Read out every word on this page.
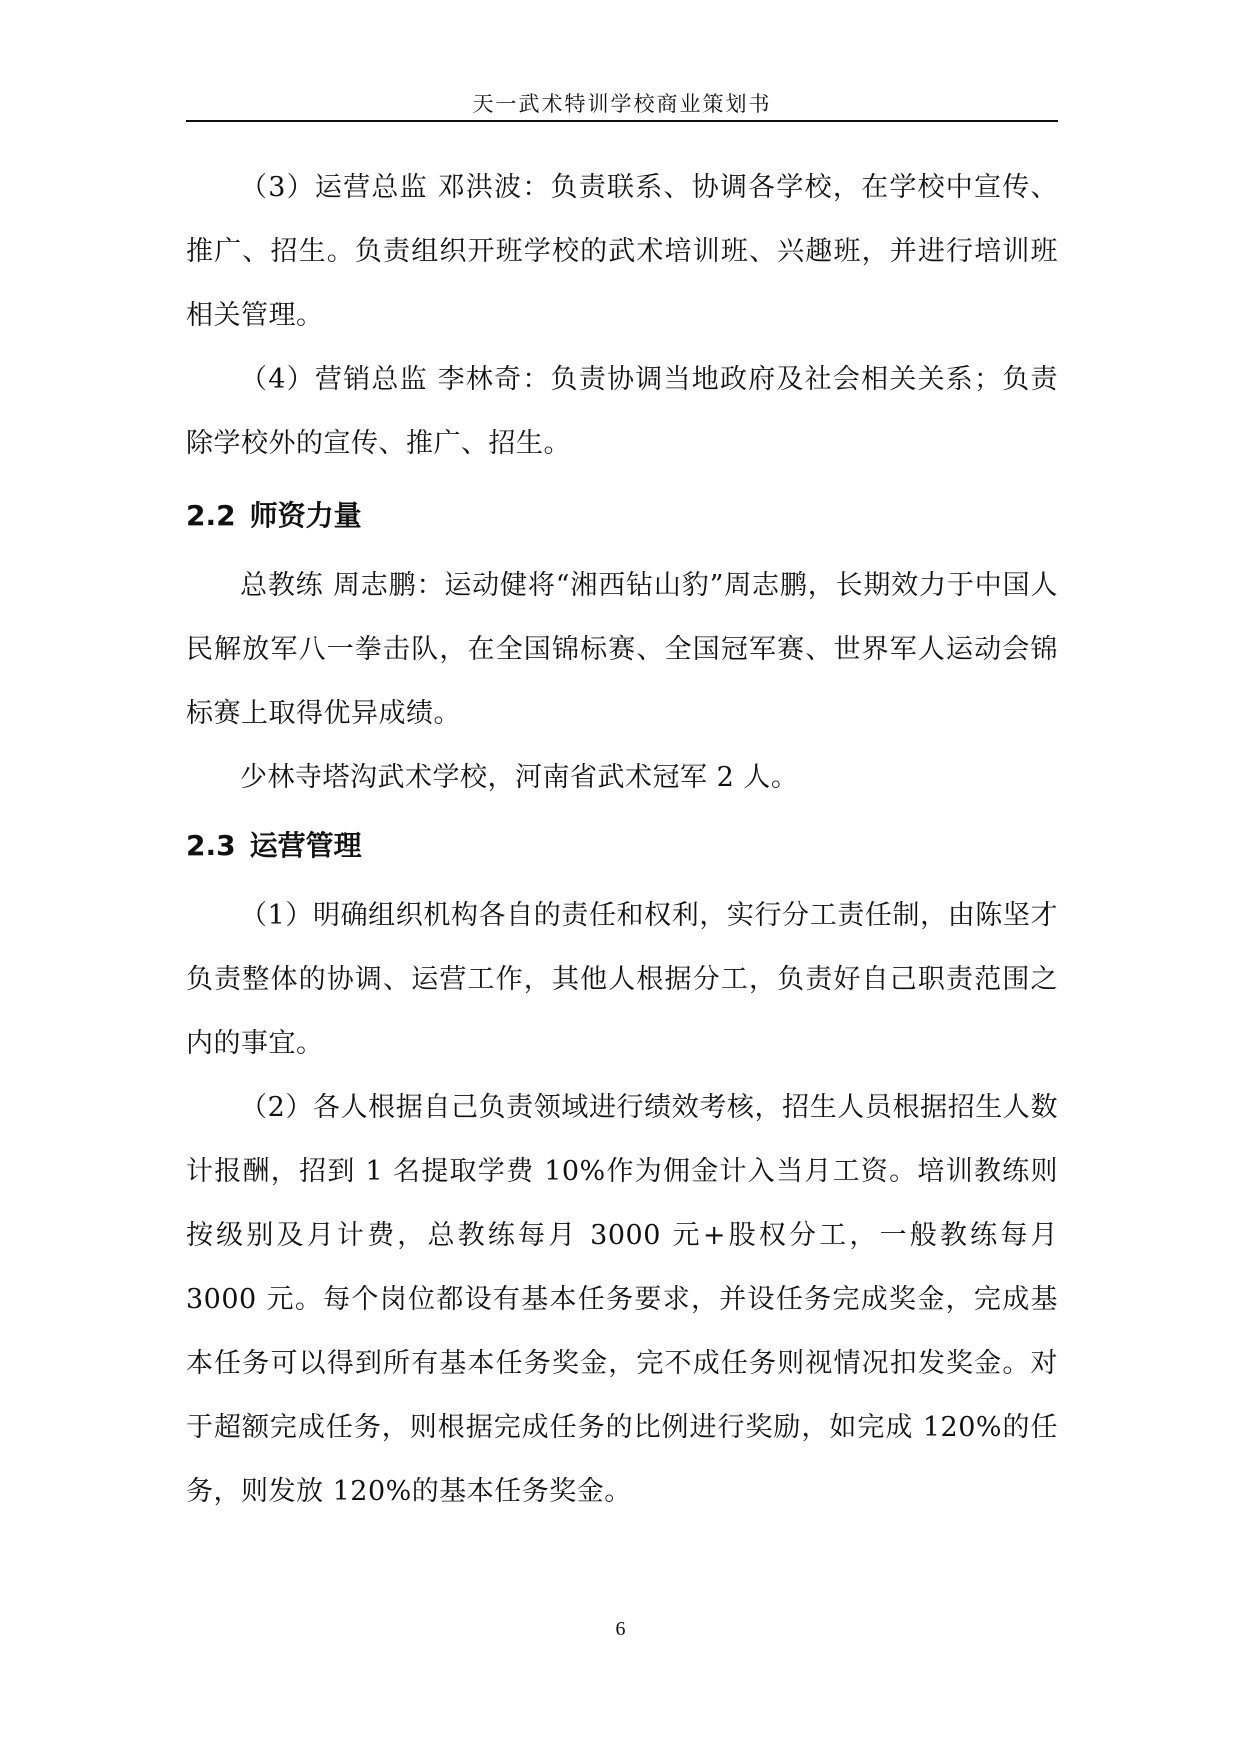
天一武术特训学校商业策划书

（3）运营总监 邓洪波：负责联系、协调各学校，在学校中宣传、推广、招生。负责组织开班学校的武术培训班、兴趣班，并进行培训班相关管理。

（4）营销总监 李林奇：负责协调当地政府及社会相关关系；负责除学校外的宣传、推广、招生。

2.2 师资力量

总教练 周志鹏：运动健将“湘西钻山豹”周志鹏，长期效力于中国人民解放军八一拳击队，在全国锦标赛、全国冠军赛、世界军人运动会锦标赛上取得优异成绩。

少林寺塔沟武术学校，河南省武术冠军 2 人。

2.3 运营管理

（1）明确组织机构各自的责任和权利，实行分工责任制，由陈坚才 负责整体的协调、运营工作，其他人根据分工，负责好自己职责范围之内的事宜。

（2）各人根据自己负责领域进行绩效考核，招生人员根据招生人数计报酬，招到 1 名提取学费 10%作为佣金计入当月工资。培训教练则按级别及月计费，总教练每月 3000 元+股权分工，一般教练每月 3000 元。每个岗位都设有基本任务要求，并设任务完成奖金，完成基本任务可以得到所有基本任务奖金，完不成任务则视情况扣发奖金。对于超额完成任务，则根据完成任务的比例进行奖励，如完成 120%的任务，则发放 120%的基本任务奖金。

6
